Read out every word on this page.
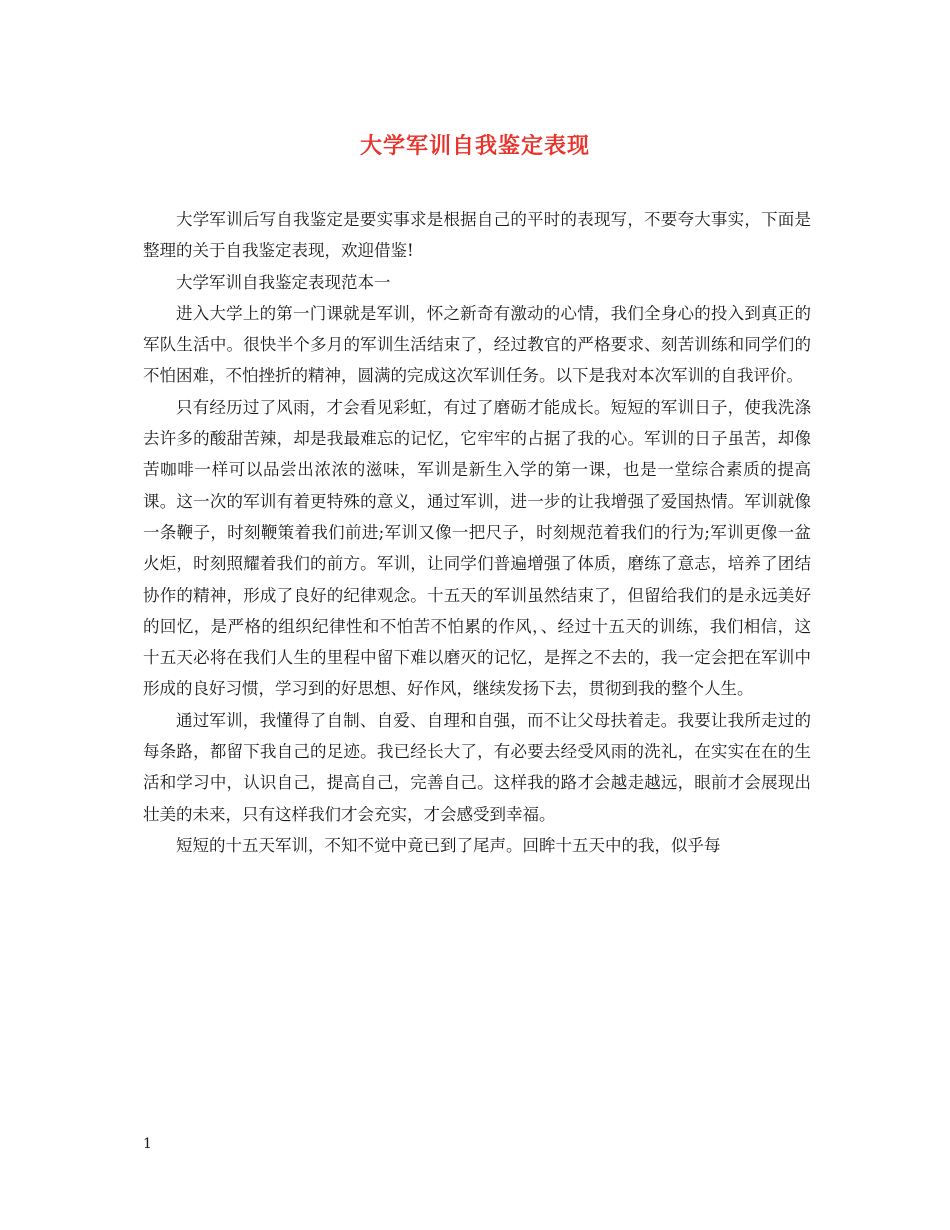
大学军训自我鉴定表现

大学军训后写自我鉴定是要实事求是根据自己的平时的表现写，不要夸大事实，下面是整理的关于自我鉴定表现，欢迎借鉴!

大学军训自我鉴定表现范本一

进入大学上的第一门课就是军训，怀之新奇有激动的心情，我们全身心的投入到真正的军队生活中。很快半个多月的军训生活结束了，经过教官的严格要求、刻苦训练和同学们的不怕困难，不怕挫折的精神，圆满的完成这次军训任务。以下是我对本次军训的自我评价。

只有经历过了风雨，才会看见彩虹，有过了磨砺才能成长。短短的军训日子，使我洗涤去许多的酸甜苦辣，却是我最难忘的记忆，它牢牢的占据了我的心。军训的日子虽苦，却像苦咖啡一样可以品尝出浓浓的滋味，军训是新生入学的第一课，也是一堂综合素质的提高课。这一次的军训有着更特殊的意义，通过军训，进一步的让我增强了爱国热情。军训就像一条鞭子，时刻鞭策着我们前进;军训又像一把尺子，时刻规范着我们的行为;军训更像一盆火炬，时刻照耀着我们的前方。军训，让同学们普遍增强了体质，磨练了意志，培养了团结协作的精神，形成了良好的纪律观念。十五天的军训虽然结束了，但留给我们的是永远美好的回忆，是严格的组织纪律性和不怕苦不怕累的作风，、经过十五天的训练，我们相信，这十五天必将在我们人生的里程中留下难以磨灭的记忆，是挥之不去的，我一定会把在军训中形成的良好习惯，学习到的好思想、好作风，继续发扬下去，贯彻到我的整个人生。

通过军训，我懂得了自制、自爱、自理和自强，而不让父母扶着走。我要让我所走过的每条路，都留下我自己的足迹。我已经长大了，有必要去经受风雨的洗礼，在实实在在的生活和学习中，认识自己，提高自己，完善自己。这样我的路才会越走越远，眼前才会展现出壮美的未来，只有这样我们才会充实，才会感受到幸福。

短短的十五天军训，不知不觉中竟已到了尾声。回眸十五天中的我，似乎每

1
